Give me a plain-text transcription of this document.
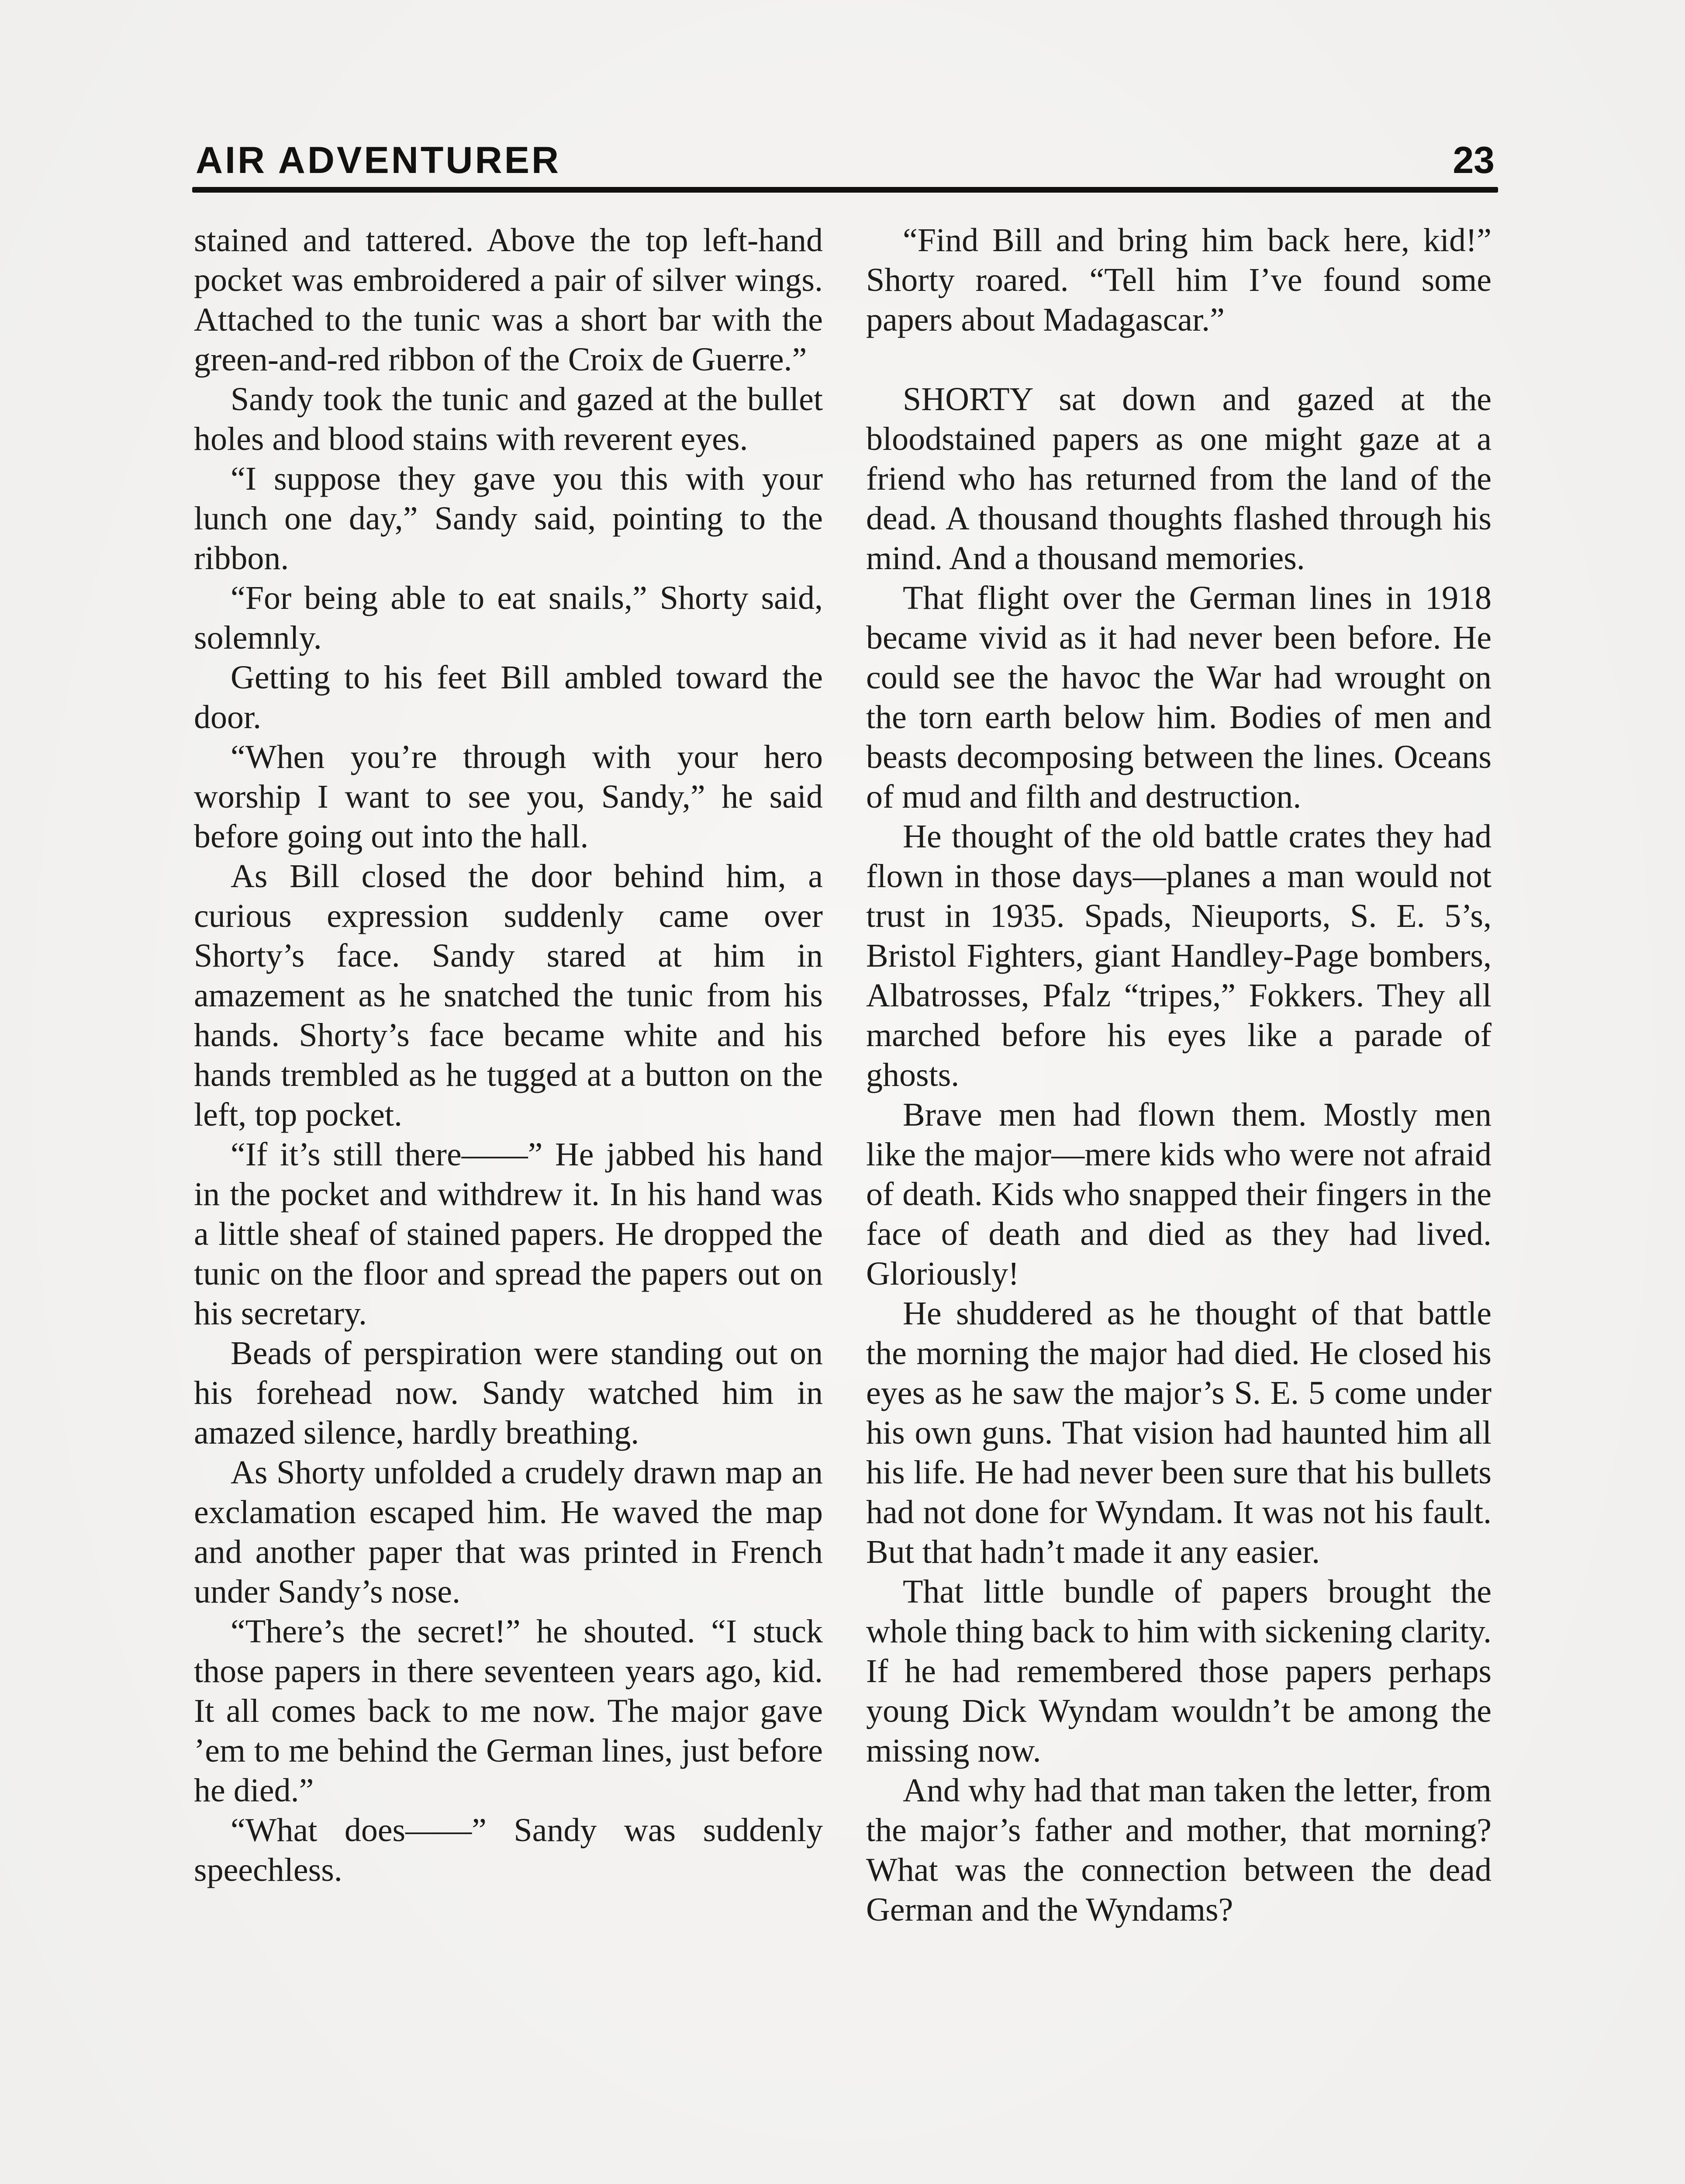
AIR ADVENTURER	23

stained and tattered. Above the top left-hand pocket was embroidered a pair of silver wings. Attached to the tunic was a short bar with the green-and-red ribbon of the Croix de Guerre.”

Sandy took the tunic and gazed at the bullet holes and blood stains with reverent eyes.

“I suppose they gave you this with your lunch one day,” Sandy said, pointing to the ribbon.

“For being able to eat snails,” Shorty said, solemnly.

Getting to his feet Bill ambled toward the door.

“When you’re through with your hero worship I want to see you, Sandy,” he said before going out into the hall.

As Bill closed the door behind him, a curious expression suddenly came over Shorty’s face. Sandy stared at him in amazement as he snatched the tunic from his hands. Shorty’s face became white and his hands trembled as he tugged at a button on the left, top pocket.

“If it’s still there——” He jabbed his hand in the pocket and withdrew it. In his hand was a little sheaf of stained papers. He dropped the tunic on the floor and spread the papers out on his secretary.

Beads of perspiration were standing out on his forehead now. Sandy watched him in amazed silence, hardly breathing.

As Shorty unfolded a crudely drawn map an exclamation escaped him. He waved the map and another paper that was printed in French under Sandy’s nose.

“There’s the secret!” he shouted. “I stuck those papers in there seventeen years ago, kid. It all comes back to me now. The major gave ’em to me behind the German lines, just before he died.”

“What does——” Sandy was suddenly speechless.

“Find Bill and bring him back here, kid!” Shorty roared. “Tell him I’ve found some papers about Madagascar.”

SHORTY sat down and gazed at the bloodstained papers as one might gaze at a friend who has returned from the land of the dead. A thousand thoughts flashed through his mind. And a thousand memories.

That flight over the German lines in 1918 became vivid as it had never been before. He could see the havoc the War had wrought on the torn earth below him. Bodies of men and beasts decomposing between the lines. Oceans of mud and filth and destruction.

He thought of the old battle crates they had flown in those days—planes a man would not trust in 1935. Spads, Nieuports, S. E. 5’s, Bristol Fighters, giant Handley-Page bombers, Albatrosses, Pfalz “tripes,” Fokkers. They all marched before his eyes like a parade of ghosts.

Brave men had flown them. Mostly men like the major—mere kids who were not afraid of death. Kids who snapped their fingers in the face of death and died as they had lived. Gloriously!

He shuddered as he thought of that battle the morning the major had died. He closed his eyes as he saw the major’s S. E. 5 come under his own guns. That vision had haunted him all his life. He had never been sure that his bullets had not done for Wyndam. It was not his fault. But that hadn’t made it any easier.

That little bundle of papers brought the whole thing back to him with sickening clarity. If he had remembered those papers perhaps young Dick Wyndam wouldn’t be among the missing now.

And why had that man taken the letter, from the major’s father and mother, that morning? What was the connection between the dead German and the Wyndams?
